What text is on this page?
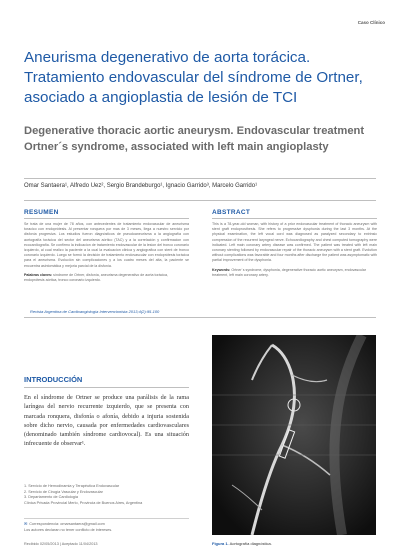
Caso Clínico
Aneurisma degenerativo de aorta torácica. Tratamiento endovascular del síndrome de Ortner, asociado a angioplastia de lesión de TCI
Degenerative thoracic aortic aneurysm. Endovascular treatment Ortner´s syndrome, associated with left main angioplasty
Omar Santaera¹, Alfredo Uez², Sergio Brandeburgo¹, Ignacio Garrido³, Marcelo Garrido¹
RESUMEN

Se trata de una mujer de 78 años, con antecedentes de tratamiento endovascular de aneurisma toracico con endoprótesis. Al presentar ronquera por mas de 3 meses, llega a nuestro servicio por disfonía progresiva. Los estudios fueron diagnósticos de pseudoaneurisma a la angiografía con aortografía torácica del sector del aneurisma aórtico (TAC) y a la correlación y confirmacion con ecocardiografía. Se confirmo la indicacion de tratamiento endovascular de la lesion del tronco coronario izquierdo, al cual realizo la paciente a la cual la evaluacion clinica y angiografica con stent de tronco coronario izquierdo. Luego se formó la decisión de tratamiento endovascular con endoprótesis torácica para el aneurisma. Evolución sin complicaciones y a los cuatro meses del alta, la paciente se encuentra asintomática y mejoría parcial de la disfonía.

Palabras claves: síndrome de Ortner, disfonía, aneurisma degenerativo de aorta torácica, endoprótesis aórtica, tronco coronario izquierdo.

ABSTRACT

This is a 78-year-old woman, with history of a prior endovascular treatment of thoracic aneurysm with stent graft endoprosthesis. She refers to progressive dysphonia during the last 3 months. At the physical examination, the left vocal cord was diagnosed as paralyzed secondary to extrinsic compression of the recurrent laryngeal nerve. Echocardiography and chest computed tomography were indicated. Left main coronary artery disease was confirmed. The patient was treated with left main coronary stenting followed by endovascular repair of the thoracic aneurysm with a stent graft. Evolution without complications was favorable and four months after discharge the patient was asymptomatic with partial improvement of the dysphonia.

Keywords: Ortner´s syndrome, dysphonia, degenerative thoracic aortic aneurysm, endovascular treatment, left main coronary artery.

Revista Argentina de Cardioangiología Intervencionista 2013;4(2):95-100
INTRODUCCIÓN

En el síndrome de Ortner se produce una parálisis de la rama laríngea del nervio recurrente izquierdo, que se presenta con marcada ronquera, disfonía o afonía, debido a injuria sostenida sobre dicho nervio, causada por enfermedades cardiovasculares (denominado también síndrome cardiovocal). Es una situación infrecuente de observar¹.

1. Servicio de Hemodinamia y Terapéutica Endovascular
2. Servicio de Cirugía Vascular y Endovascular
3. Departamento de Cardiología
Clínica Privada Provincial Merlo, Provincia de Buenos Aires, Argentina
✉ Correspondencia: omarsantaera@gmail.com
Los autores declaran no tener conflicto de intereses.
Recibido 02/05/2013 | Aceptado 11/04/2013	Figura 1. Aortografía diagnóstica.
